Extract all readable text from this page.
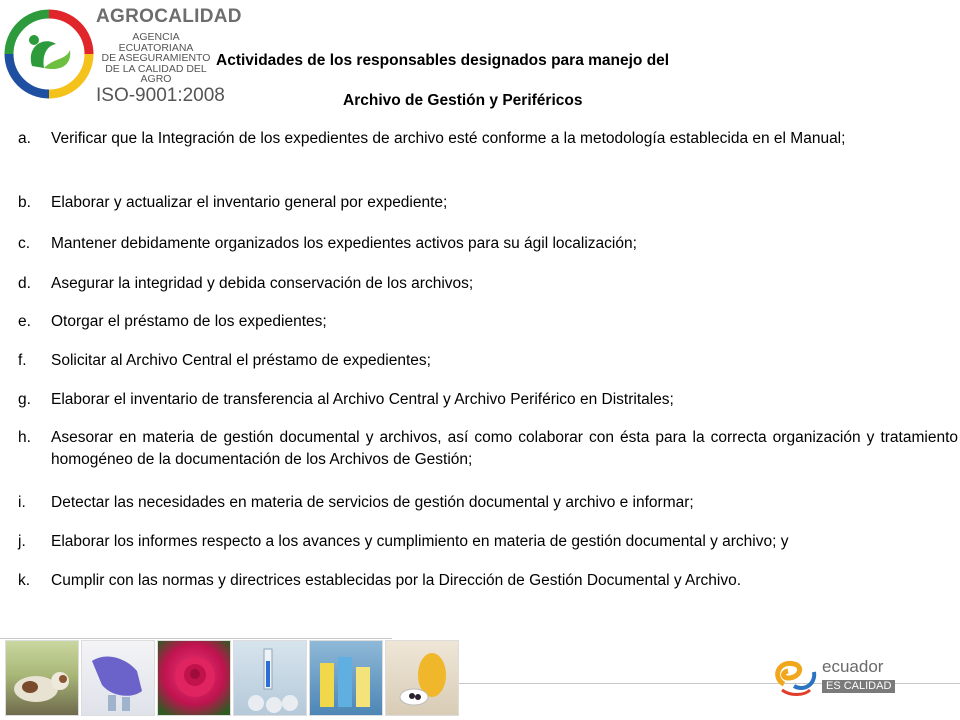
AGROCALIDAD
AGENCIA ECUATORIANA
DE ASEGURAMIENTO
DE LA CALIDAD DEL AGRO
ISO-9001:2008
Actividades de los responsables designados para manejo del
Archivo de Gestión y Periféricos
a.	Verificar que la Integración de los expedientes de archivo esté conforme a la metodología establecida en el Manual;
b.	Elaborar y actualizar el inventario general por expediente;
c.	Mantener debidamente organizados los expedientes activos para su ágil localización;
d.	Asegurar la integridad y debida conservación de los archivos;
e.	Otorgar el préstamo de los expedientes;
f.	Solicitar al Archivo Central el préstamo de expedientes;
g.	Elaborar el inventario de transferencia al Archivo Central y Archivo Periférico en Distritales;
h.	Asesorar en materia de gestión documental y archivos, así como colaborar con ésta para la correcta organización y tratamiento homogéneo de la documentación de los Archivos de Gestión;
i.	Detectar las necesidades en materia de servicios de gestión documental y archivo e informar;
j.	Elaborar los informes respecto a los avances y cumplimiento en materia de gestión documental y archivo; y
k.	Cumplir con las normas y directrices establecidas por la Dirección de Gestión Documental y Archivo.
ecuador
ES CALIDAD
